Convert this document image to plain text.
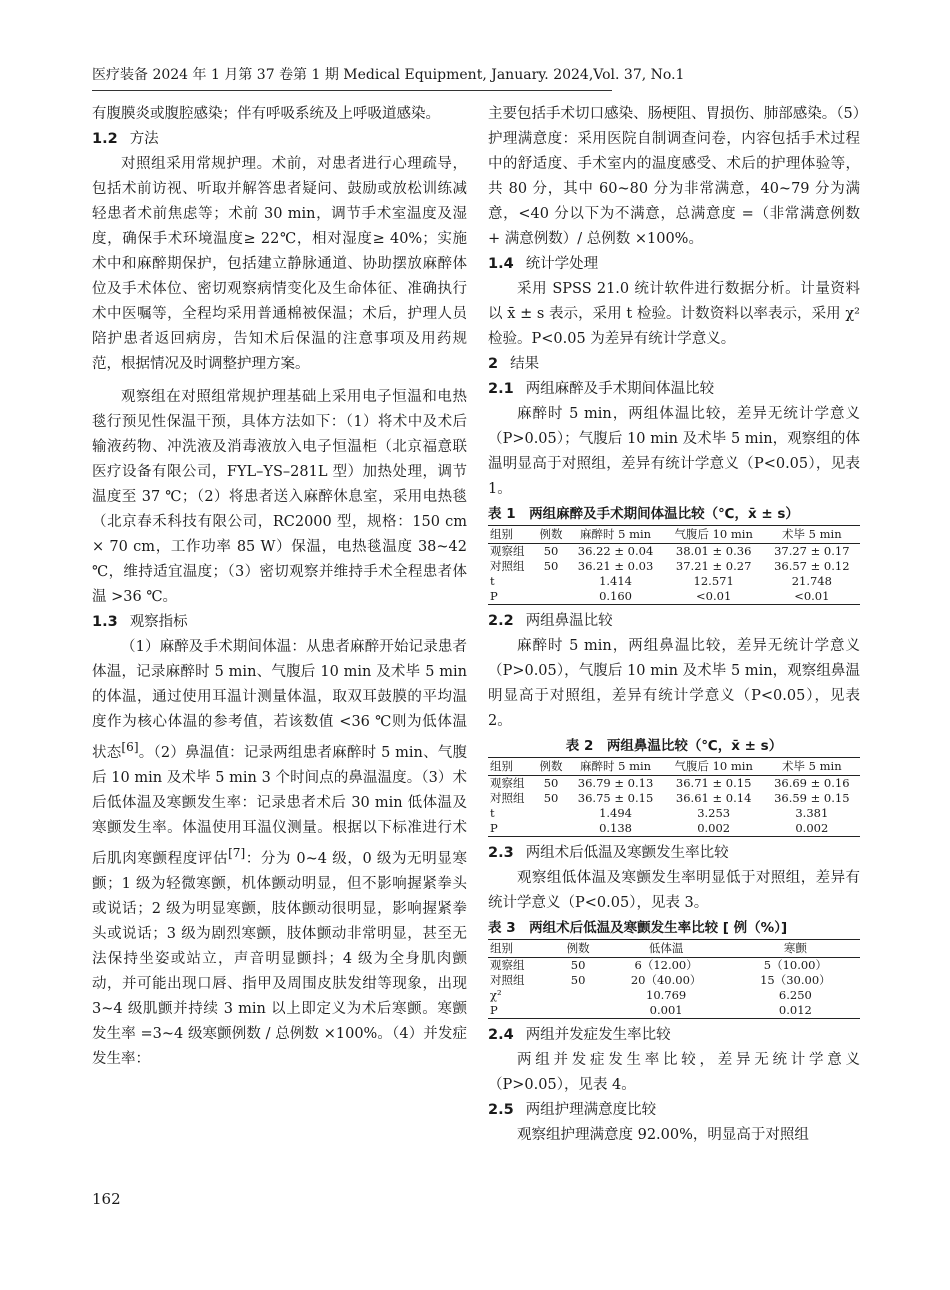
医疗装备 2024 年 1 月第 37 卷第 1 期 Medical Equipment, January. 2024,Vol. 37, No.1

有腹膜炎或腹腔感染；伴有呼吸系统及上呼吸道感染。

1.2 方法

对照组采用常规护理。术前，对患者进行心理疏导，包括术前访视、听取并解答患者疑问、鼓励或放松训练减轻患者术前焦虑等；术前 30 min，调节手术室温度及湿度，确保手术环境温度≥ 22℃，相对湿度≥ 40%；实施术中和麻醉期保护，包括建立静脉通道、协助摆放麻醉体位及手术体位、密切观察病情变化及生命体征、准确执行术中医嘱等，全程均采用普通棉被保温；术后，护理人员陪护患者返回病房，告知术后保温的注意事项及用药规范，根据情况及时调整护理方案。

观察组在对照组常规护理基础上采用电子恒温和电热毯行预见性保温干预，具体方法如下：（1）将术中及术后输液药物、冲洗液及消毒液放入电子恒温柜（北京福意联医疗设备有限公司，FYL–YS–281L 型）加热处理，调节温度至 37 ℃；（2）将患者送入麻醉休息室，采用电热毯（北京春禾科技有限公司，RC2000 型，规格：150 cm × 70 cm，工作功率 85 W）保温，电热毯温度 38~42 ℃，维持适宜温度；（3）密切观察并维持手术全程患者体温 >36 ℃。

1.3 观察指标

（1）麻醉及手术期间体温：从患者麻醉开始记录患者体温，记录麻醉时 5 min、气腹后 10 min 及术毕 5 min 的体温，通过使用耳温计测量体温，取双耳鼓膜的平均温度作为核心体温的参考值，若该数值 <36 ℃则为低体温状态[6]。（2）鼻温值：记录两组患者麻醉时 5 min、气腹后 10 min 及术毕 5 min 3 个时间点的鼻温温度。（3）术后低体温及寒颤发生率：记录患者术后 30 min 低体温及寒颤发生率。体温使用耳温仪测量。根据以下标准进行术后肌肉寒颤程度评估[7]：分为 0~4 级，0 级为无明显寒颤；1 级为轻微寒颤，机体颤动明显，但不影响握紧拳头或说话；2 级为明显寒颤，肢体颤动很明显，影响握紧拳头或说话；3 级为剧烈寒颤，肢体颤动非常明显，甚至无法保持坐姿或站立，声音明显颤抖；4 级为全身肌肉颤动，并可能出现口唇、指甲及周围皮肤发绀等现象，出现 3~4 级肌颤并持续 3 min 以上即定义为术后寒颤。寒颤发生率 =3~4 级寒颤例数 / 总例数 ×100%。（4）并发症发生率：

主要包括手术切口感染、肠梗阻、胃损伤、肺部感染。（5）护理满意度：采用医院自制调查问卷，内容包括手术过程中的舒适度、手术室内的温度感受、术后的护理体验等，共 80 分，其中 60~80 分为非常满意，40~79 分为满意，<40 分以下为不满意，总满意度 =（非常满意例数 + 满意例数）/ 总例数 ×100%。

1.4 统计学处理

采用 SPSS 21.0 统计软件进行数据分析。计量资料以 x̄ ± s 表示，采用 t 检验。计数资料以率表示，采用 χ² 检验。P<0.05 为差异有统计学意义。

2 结果

2.1 两组麻醉及手术期间体温比较

麻醉时 5 min，两组体温比较，差异无统计学意义（P>0.05）；气腹后 10 min 及术毕 5 min，观察组的体温明显高于对照组，差异有统计学意义（P<0.05），见表 1。

表 1　两组麻醉及手术期间体温比较（℃，x̄ ± s）

组别	例数	麻醉时 5 min	气腹后 10 min	术毕 5 min
观察组	50	36.22 ± 0.04	38.01 ± 0.36	37.27 ± 0.17
对照组	50	36.21 ± 0.03	37.21 ± 0.27	36.57 ± 0.12
t		1.414	12.571	21.748
P		0.160	<0.01	<0.01

2.2 两组鼻温比较

麻醉时 5 min，两组鼻温比较，差异无统计学意义（P>0.05），气腹后 10 min 及术毕 5 min，观察组鼻温明显高于对照组，差异有统计学意义（P<0.05），见表 2。

表 2　两组鼻温比较（℃，x̄ ± s）

组别	例数	麻醉时 5 min	气腹后 10 min	术毕 5 min
观察组	50	36.79 ± 0.13	36.71 ± 0.15	36.69 ± 0.16
对照组	50	36.75 ± 0.15	36.61 ± 0.14	36.59 ± 0.15
t		1.494	3.253	3.381
P		0.138	0.002	0.002

2.3 两组术后低温及寒颤发生率比较

观察组低体温及寒颤发生率明显低于对照组，差异有统计学意义（P<0.05），见表 3。

表 3　两组术后低温及寒颤发生率比较 [ 例（%）]

组别	例数	低体温	寒颤
观察组	50	6（12.00）	5（10.00）
对照组	50	20（40.00）	15（30.00）
χ²		10.769	6.250
P		0.001	0.012

2.4 两组并发症发生率比较

两组并发症发生率比较，差异无统计学意义（P>0.05），见表 4。

2.5 两组护理满意度比较

观察组护理满意度 92.00%，明显高于对照组

162
